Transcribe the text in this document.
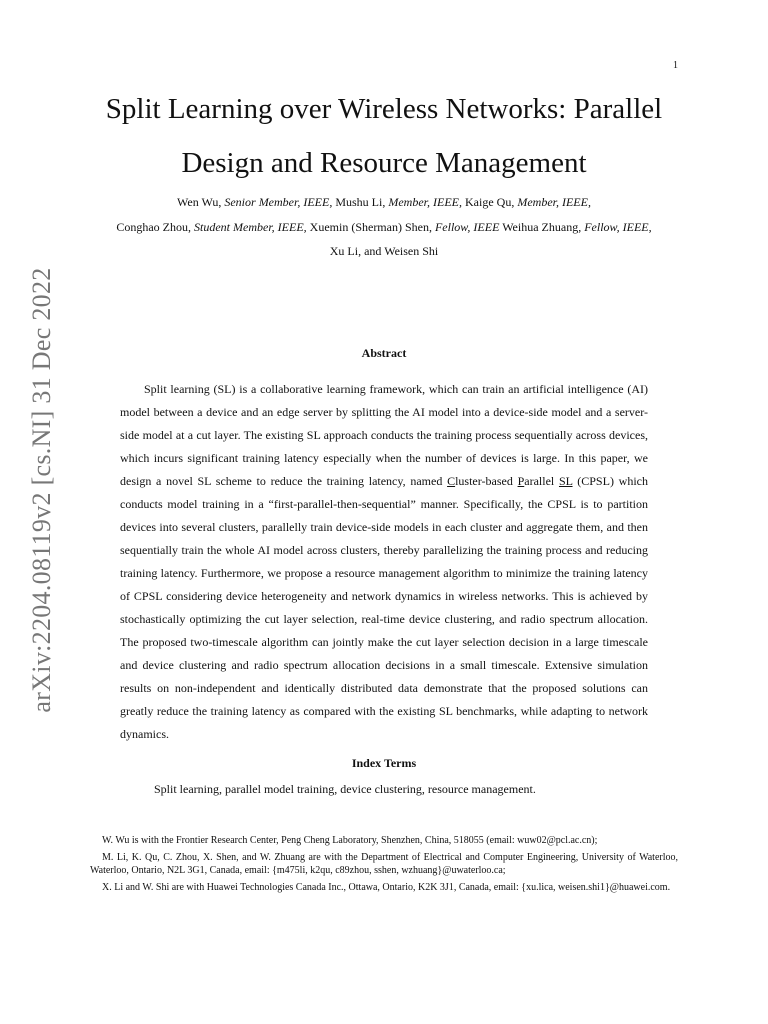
1
arXiv:2204.08119v2 [cs.NI] 31 Dec 2022
Split Learning over Wireless Networks: Parallel
Design and Resource Management
Wen Wu, Senior Member, IEEE, Mushu Li, Member, IEEE, Kaige Qu, Member, IEEE,
Conghao Zhou, Student Member, IEEE, Xuemin (Sherman) Shen, Fellow, IEEE Weihua Zhuang, Fellow, IEEE,
Xu Li, and Weisen Shi
Abstract
Split learning (SL) is a collaborative learning framework, which can train an artificial intelligence (AI) model between a device and an edge server by splitting the AI model into a device-side model and a server-side model at a cut layer. The existing SL approach conducts the training process sequentially across devices, which incurs significant training latency especially when the number of devices is large. In this paper, we design a novel SL scheme to reduce the training latency, named Cluster-based Parallel SL (CPSL) which conducts model training in a “first-parallel-then-sequential” manner. Specifically, the CPSL is to partition devices into several clusters, parallelly train device-side models in each cluster and aggregate them, and then sequentially train the whole AI model across clusters, thereby parallelizing the training process and reducing training latency. Furthermore, we propose a resource management algorithm to minimize the training latency of CPSL considering device heterogeneity and network dynamics in wireless networks. This is achieved by stochastically optimizing the cut layer selection, real-time device clustering, and radio spectrum allocation. The proposed two-timescale algorithm can jointly make the cut layer selection decision in a large timescale and device clustering and radio spectrum allocation decisions in a small timescale. Extensive simulation results on non-independent and identically distributed data demonstrate that the proposed solutions can greatly reduce the training latency as compared with the existing SL benchmarks, while adapting to network dynamics.
Index Terms
Split learning, parallel model training, device clustering, resource management.
W. Wu is with the Frontier Research Center, Peng Cheng Laboratory, Shenzhen, China, 518055 (email: wuw02@pcl.ac.cn);
M. Li, K. Qu, C. Zhou, X. Shen, and W. Zhuang are with the Department of Electrical and Computer Engineering, University of Waterloo, Waterloo, Ontario, N2L 3G1, Canada, email: {m475li, k2qu, c89zhou, sshen, wzhuang}@uwaterloo.ca;
X. Li and W. Shi are with Huawei Technologies Canada Inc., Ottawa, Ontario, K2K 3J1, Canada, email: {xu.lica, weisen.shi1}@huawei.com.
